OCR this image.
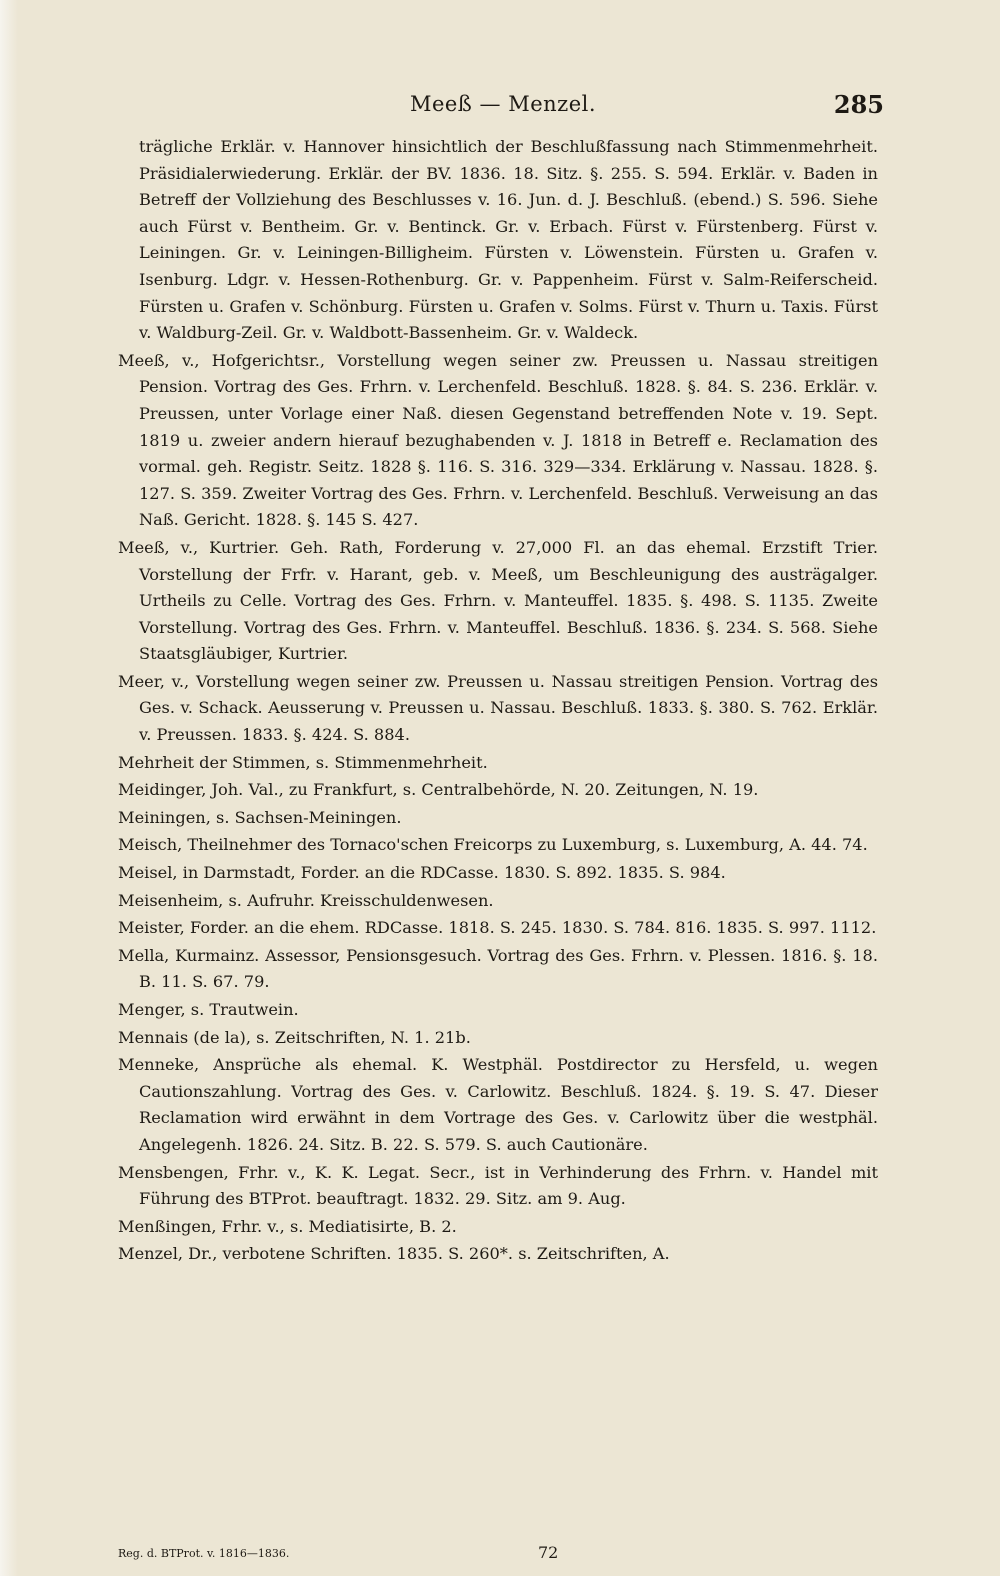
Meeß — Menzel.	285
trägliche Erklär. v. Hannover hinsichtlich der Beschlußfassung nach Stimmenmehrheit. Präsidialerwiederung. Erklär. der BV. 1836. 18. Sitz. §. 255. S. 594. Erklär. v. Baden in Betreff der Vollziehung des Beschlusses v. 16. Jun. d. J. Beschluß. (ebend.) S. 596. Siehe auch Fürst v. Bentheim. Gr. v. Bentinck. Gr. v. Erbach. Fürst v. Fürstenberg. Fürst v. Leiningen. Gr. v. Leiningen-Billigheim. Fürsten v. Löwenstein. Fürsten u. Grafen v. Isenburg. Ldgr. v. Hessen-Rothenburg. Gr. v. Pappenheim. Fürst v. Salm-Reiferscheid. Fürsten u. Grafen v. Schönburg. Fürsten u. Grafen v. Solms. Fürst v. Thurn u. Taxis. Fürst v. Waldburg-Zeil. Gr. v. Waldbott-Bassenheim. Gr. v. Waldeck.
Meeß, v., Hofgerichtsr., Vorstellung wegen seiner zw. Preussen u. Nassau streitigen Pension. Vortrag des Ges. Frhrn. v. Lerchenfeld. Beschluß. 1828. §. 84. S. 236. Erklär. v. Preussen, unter Vorlage einer Naß. diesen Gegenstand betreffenden Note v. 19. Sept. 1819 u. zweier andern hierauf bezughabenden v. J. 1818 in Betreff e. Reclamation des vormal. geh. Registr. Seitz. 1828 §. 116. S. 316. 329—334. Erklärung v. Nassau. 1828. §. 127. S. 359. Zweiter Vortrag des Ges. Frhrn. v. Lerchenfeld. Beschluß. Verweisung an das Naß. Gericht. 1828. §. 145 S. 427.
Meeß, v., Kurtrier. Geh. Rath, Forderung v. 27,000 Fl. an das ehemal. Erzstift Trier. Vorstellung der Frfr. v. Harant, geb. v. Meeß, um Beschleunigung des austrägalger. Urtheils zu Celle. Vortrag des Ges. Frhrn. v. Manteuffel. 1835. §. 498. S. 1135. Zweite Vorstellung. Vortrag des Ges. Frhrn. v. Manteuffel. Beschluß. 1836. §. 234. S. 568. Siehe Staatsgläubiger, Kurtrier.
Meer, v., Vorstellung wegen seiner zw. Preussen u. Nassau streitigen Pension. Vortrag des Ges. v. Schack. Aeusserung v. Preussen u. Nassau. Beschluß. 1833. §. 380. S. 762. Erklär. v. Preussen. 1833. §. 424. S. 884.
Mehrheit der Stimmen, s. Stimmenmehrheit.
Meidinger, Joh. Val., zu Frankfurt, s. Centralbehörde, N. 20. Zeitungen, N. 19.
Meiningen, s. Sachsen-Meiningen.
Meisch, Theilnehmer des Tornaco'schen Freicorps zu Luxemburg, s. Luxemburg, A. 44. 74.
Meisel, in Darmstadt, Forder. an die RDCasse. 1830. S. 892. 1835. S. 984.
Meisenheim, s. Aufruhr. Kreisschuldenwesen.
Meister, Forder. an die ehem. RDCasse. 1818. S. 245. 1830. S. 784. 816. 1835. S. 997. 1112.
Mella, Kurmainz. Assessor, Pensionsgesuch. Vortrag des Ges. Frhrn. v. Plessen. 1816. §. 18. B. 11. S. 67. 79.
Menger, s. Trautwein.
Mennais (de la), s. Zeitschriften, N. 1. 21b.
Menneke, Ansprüche als ehemal. K. Westphäl. Postdirector zu Hersfeld, u. wegen Cautionszahlung. Vortrag des Ges. v. Carlowitz. Beschluß. 1824. §. 19. S. 47. Dieser Reclamation wird erwähnt in dem Vortrage des Ges. v. Carlowitz über die westphäl. Angelegenh. 1826. 24. Sitz. B. 22. S. 579. S. auch Cautionäre.
Mensbengen, Frhr. v., K. K. Legat. Secr., ist in Verhinderung des Frhrn. v. Handel mit Führung des BTProt. beauftragt. 1832. 29. Sitz. am 9. Aug.
Menßingen, Frhr. v., s. Mediatisirte, B. 2.
Menzel, Dr., verbotene Schriften. 1835. S. 260*. s. Zeitschriften, A.
Reg. d. BTProt. v. 1816—1836.	72
